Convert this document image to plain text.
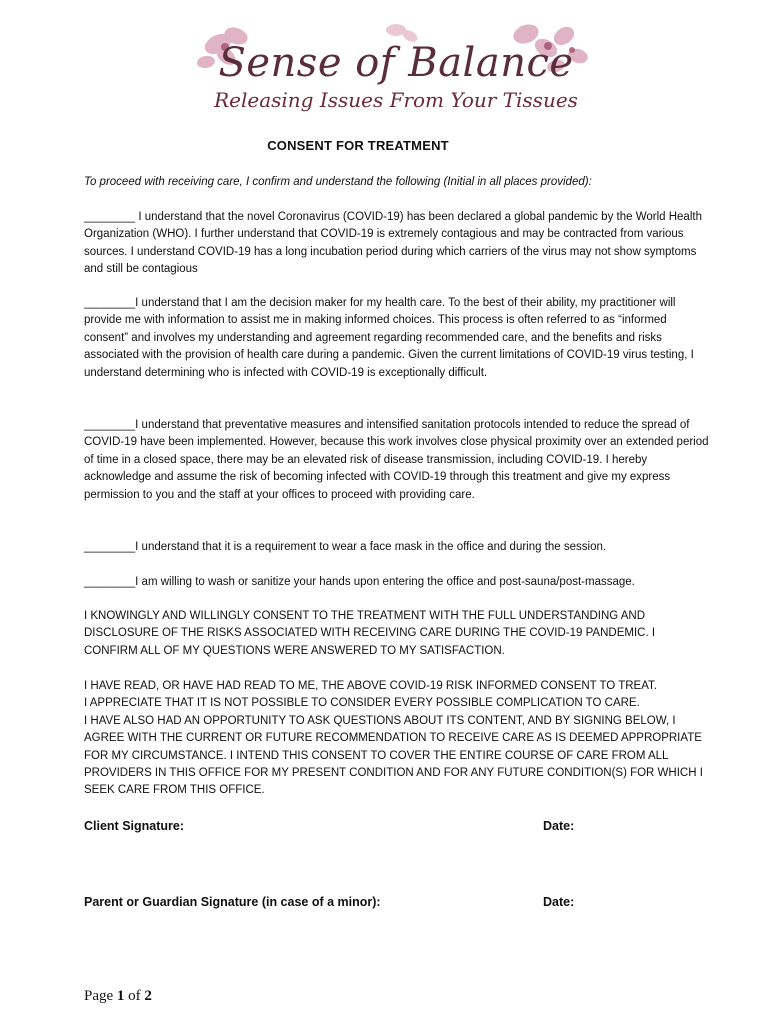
Sense of Balance
Releasing Issues From Your Tissues
CONSENT FOR TREATMENT

To proceed with receiving care, I confirm and understand the following (Initial in all places provided):

________ I understand that the novel Coronavirus (COVID-19) has been declared a global pandemic by the World Health Organization (WHO). I further understand that COVID-19 is extremely contagious and may be contracted from various sources. I understand COVID-19 has a long incubation period during which carriers of the virus may not show symptoms and still be contagious

________I understand that I am the decision maker for my health care. To the best of their ability, my practitioner will provide me with information to assist me in making informed choices. This process is often referred to as “informed consent” and involves my understanding and agreement regarding recommended care, and the benefits and risks associated with the provision of health care during a pandemic. Given the current limitations of COVID-19 virus testing, I understand determining who is infected with COVID-19 is exceptionally difficult.

________I understand that preventative measures and intensified sanitation protocols intended to reduce the spread of COVID-19 have been implemented. However, because this work involves close physical proximity over an extended period of time in a closed space, there may be an elevated risk of disease transmission, including COVID-19. I hereby acknowledge and assume the risk of becoming infected with COVID-19 through this treatment and give my express permission to you and the staff at your offices to proceed with providing care.

________I understand that it is a requirement to wear a face mask in the office and during the session.

________I am willing to wash or sanitize your hands upon entering the office and post-sauna/post-massage.

I KNOWINGLY AND WILLINGLY CONSENT TO THE TREATMENT WITH THE FULL UNDERSTANDING AND DISCLOSURE OF THE RISKS ASSOCIATED WITH RECEIVING CARE DURING THE COVID-19 PANDEMIC. I CONFIRM ALL OF MY QUESTIONS WERE ANSWERED TO MY SATISFACTION.

I HAVE READ, OR HAVE HAD READ TO ME, THE ABOVE COVID-19 RISK INFORMED CONSENT TO TREAT.
I APPRECIATE THAT IT IS NOT POSSIBLE TO CONSIDER EVERY POSSIBLE COMPLICATION TO CARE.
I HAVE ALSO HAD AN OPPORTUNITY TO ASK QUESTIONS ABOUT ITS CONTENT, AND BY SIGNING BELOW, I AGREE WITH THE CURRENT OR FUTURE RECOMMENDATION TO RECEIVE CARE AS IS DEEMED APPROPRIATE FOR MY CIRCUMSTANCE. I INTEND THIS CONSENT TO COVER THE ENTIRE COURSE OF CARE FROM ALL PROVIDERS IN THIS OFFICE FOR MY PRESENT CONDITION AND FOR ANY FUTURE CONDITION(S) FOR WHICH I SEEK CARE FROM THIS OFFICE.
Client Signature:	Date:
Parent or Guardian Signature (in case of a minor):	Date:
Page 1 of 2
